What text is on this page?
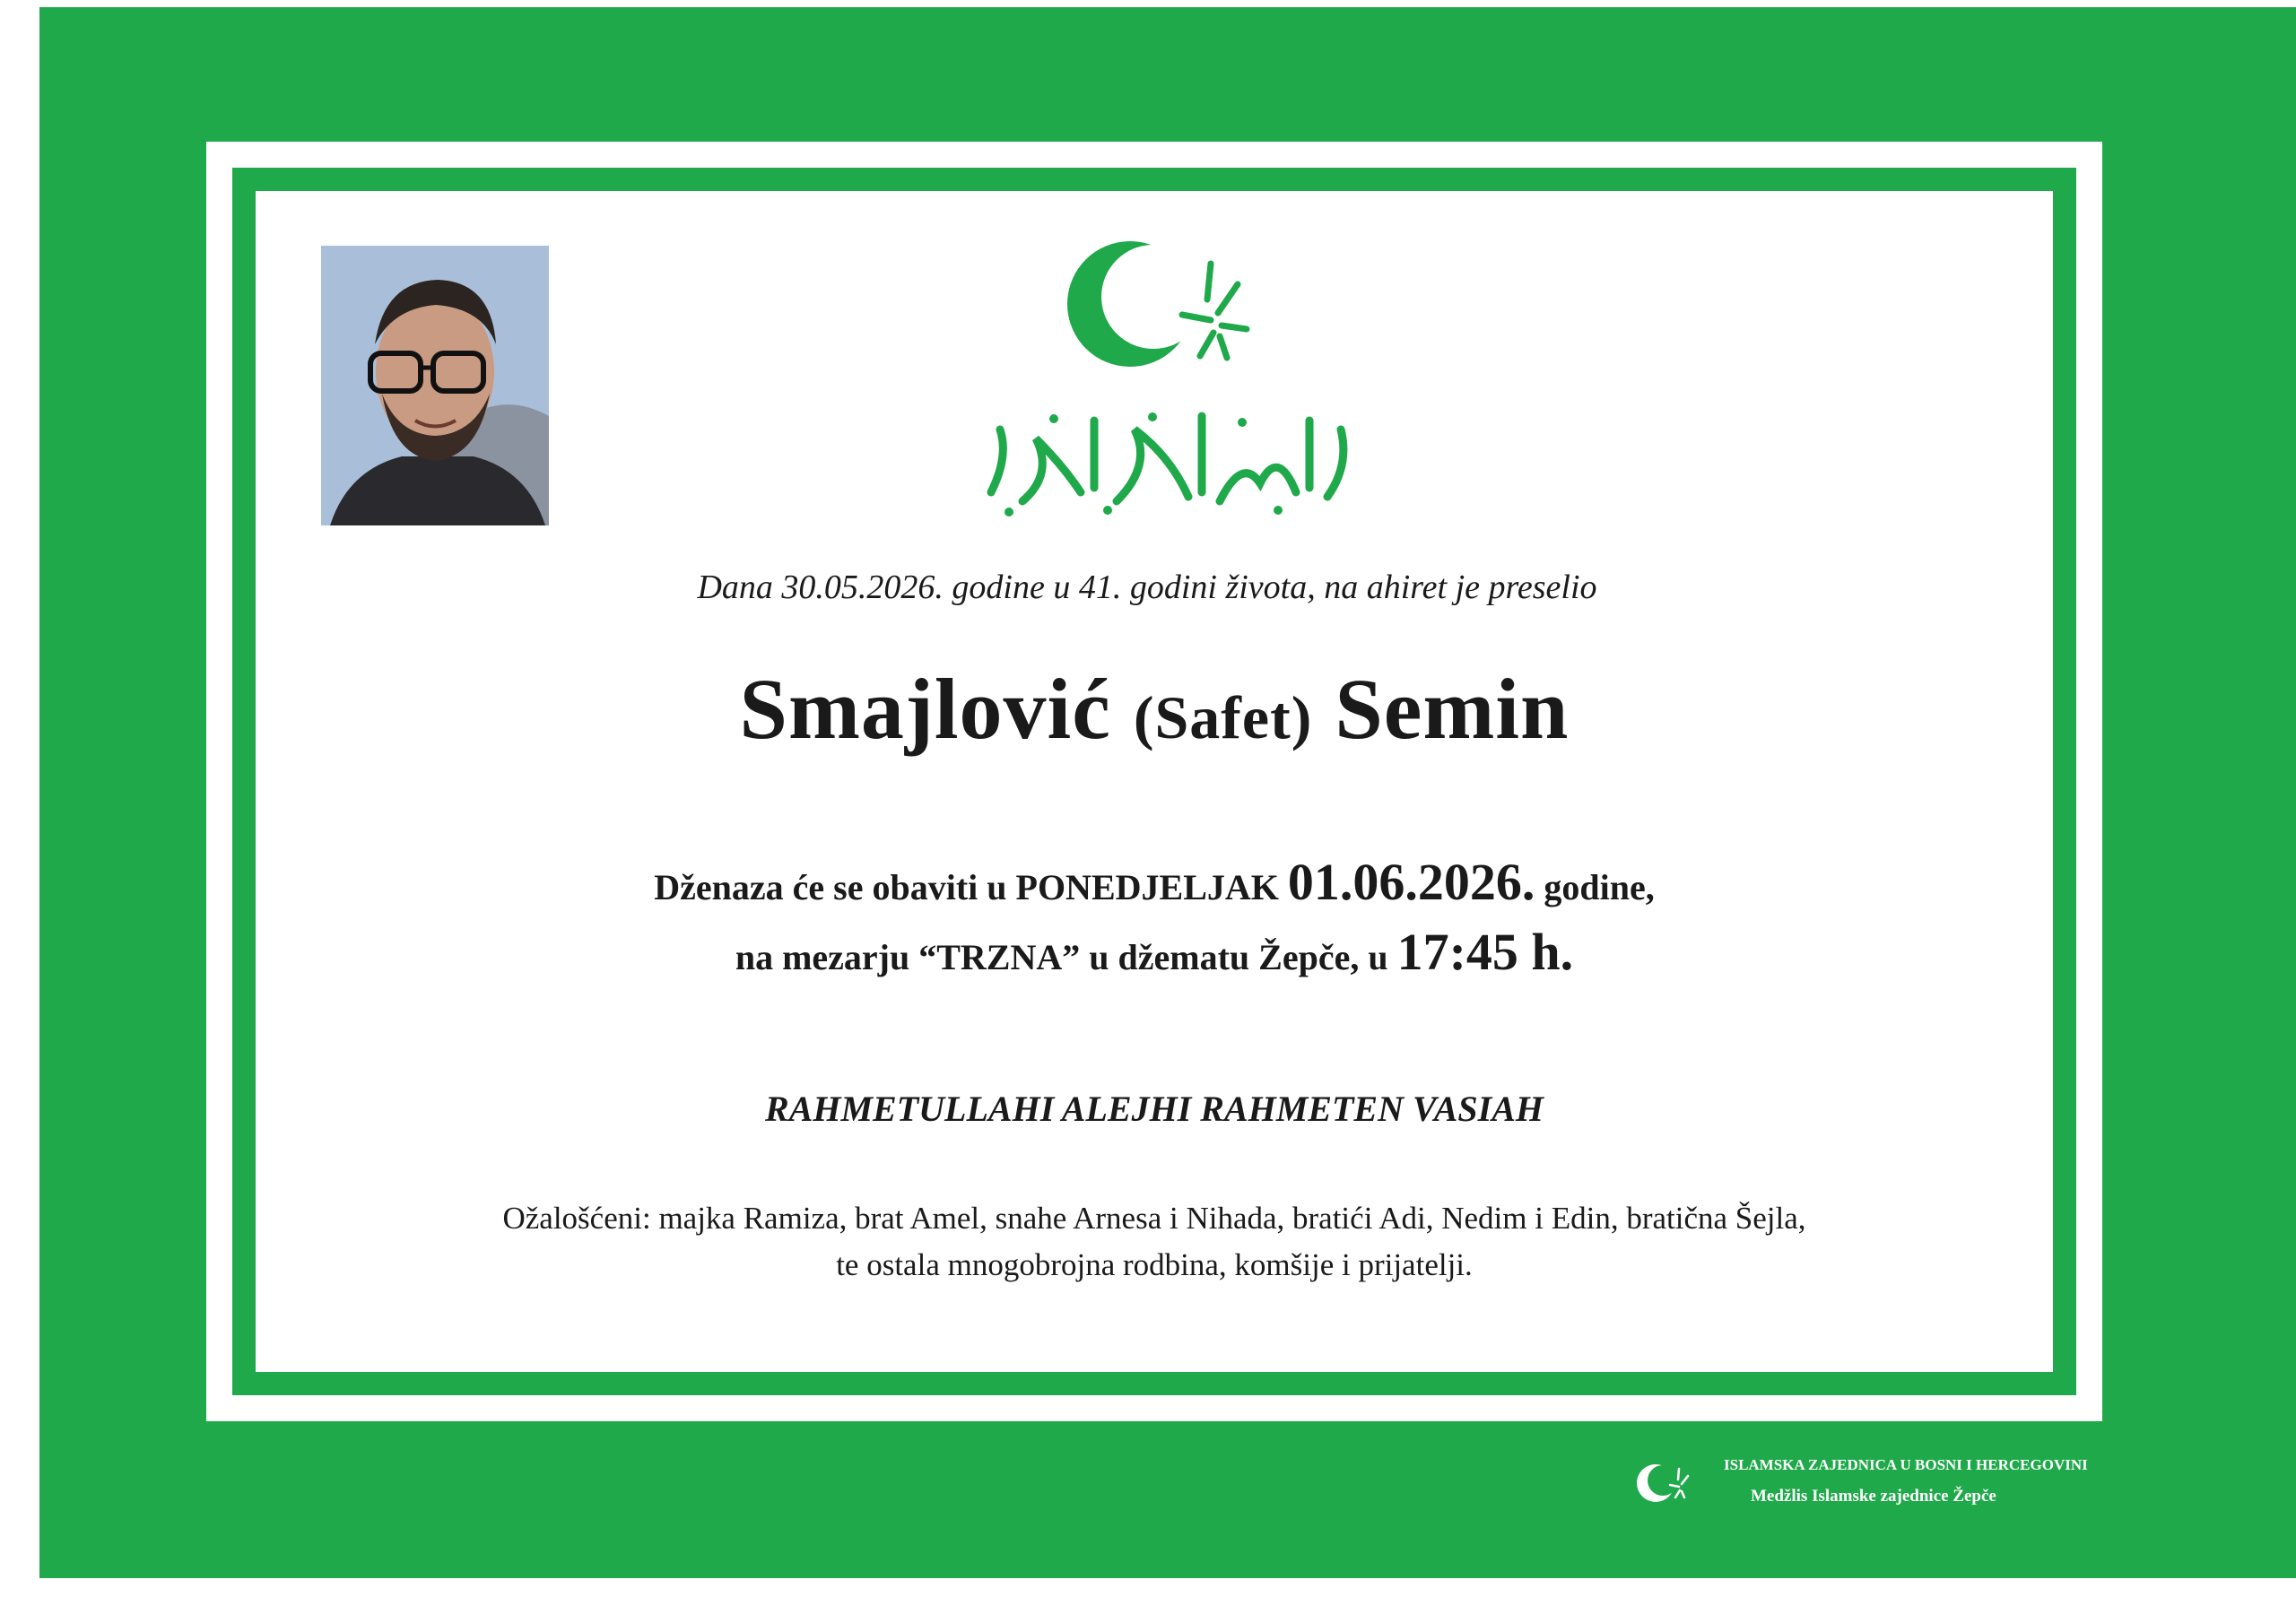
Dana 30.05.2026. godine u 41. godini života, na ahiret je preselio
Smajlović (Safet) Semin
Dženaza će se obaviti u PONEDJELJAK 01.06.2026. godine,
na mezarju “TRZNA” u džematu Žepče, u 17:45 h.
RAHMETULLAHI ALEJHI RAHMETEN VASIAH
Ožalošćeni: majka Ramiza, brat Amel, snahe Arnesa i Nihada, bratići Adi, Nedim i Edin, bratična Šejla,
te ostala mnogobrojna rodbina, komšije i prijatelji.
ISLAMSKA ZAJEDNICA U BOSNI I HERCEGOVINI
Medžlis Islamske zajednice Žepče
